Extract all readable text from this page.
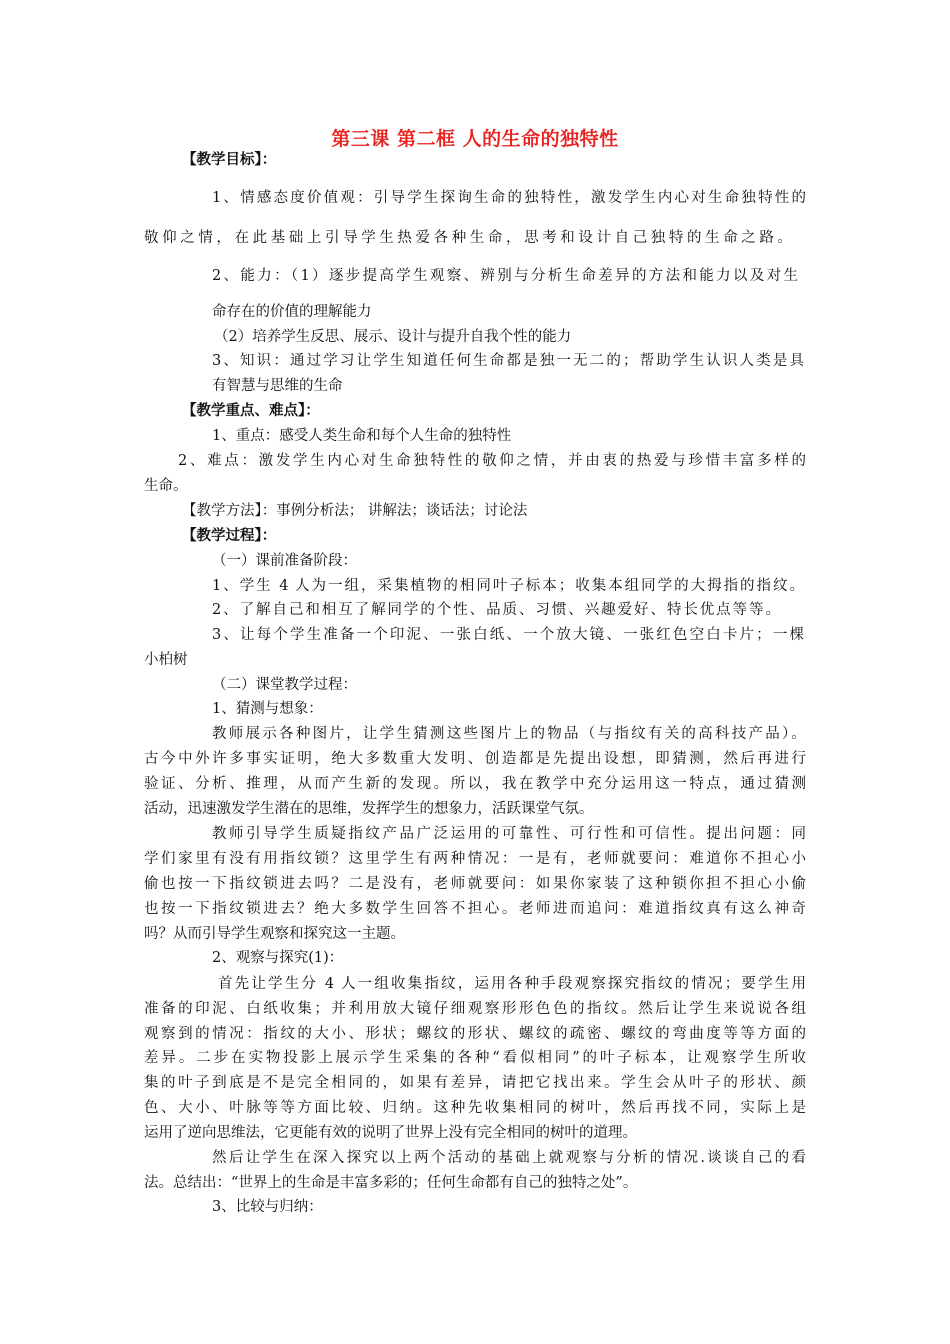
第三课 第二框 人的生命的独特性
【教学目标】：
1、情感态度价值观：引导学生探询生命的独特性，激发学生内心对生命独特性的
敬仰之情，在此基础上引导学生热爱各种生命，思考和设计自己独特的生命之路。
2、能力：（1）逐步提高学生观察、辨别与分析生命差异的方法和能力以及对生
命存在的价值的理解能力
（2）培养学生反思、展示、设计与提升自我个性的能力
3、知识：通过学习让学生知道任何生命都是独一无二的；帮助学生认识人类是具
有智慧与思维的生命
【教学重点、难点】：
1、重点：感受人类生命和每个人生命的独特性
2、难点：激发学生内心对生命独特性的敬仰之情，并由衷的热爱与珍惜丰富多样的
生命。
【教学方法】：事例分析法； 讲解法；谈话法；讨论法
【教学过程】：
（一）课前准备阶段：
1、学生 4 人为一组，采集植物的相同叶子标本；收集本组同学的大拇指的指纹。
2、了解自己和相互了解同学的个性、品质、习惯、兴趣爱好、特长优点等等。
3、让每个学生准备一个印泥、一张白纸、一个放大镜、一张红色空白卡片；一棵
小柏树
（二）课堂教学过程：
1、猜测与想象：
教师展示各种图片，让学生猜测这些图片上的物品（与指纹有关的高科技产品）。
古今中外许多事实证明，绝大多数重大发明、创造都是先提出设想，即猜测，然后再进行
验证、分析、推理，从而产生新的发现。所以，我在教学中充分运用这一特点，通过猜测
活动，迅速激发学生潜在的思维，发挥学生的想象力，活跃课堂气氛。
教师引导学生质疑指纹产品广泛运用的可靠性、可行性和可信性。提出问题：同
学们家里有没有用指纹锁？这里学生有两种情况：一是有，老师就要问：难道你不担心小
偷也按一下指纹锁进去吗？二是没有，老师就要问：如果你家装了这种锁你担不担心小偷
也按一下指纹锁进去？绝大多数学生回答不担心。老师进而追问：难道指纹真有这么神奇
吗？从而引导学生观察和探究这一主题。
2、观察与探究(1)：
首先让学生分 4 人一组收集指纹，运用各种手段观察探究指纹的情况；要学生用
准备的印泥、白纸收集；并利用放大镜仔细观察形形色色的指纹。然后让学生来说说各组
观察到的情况：指纹的大小、形状；螺纹的形状、螺纹的疏密、螺纹的弯曲度等等方面的
差异。二步在实物投影上展示学生采集的各种“看似相同”的叶子标本，让观察学生所收
集的叶子到底是不是完全相同的，如果有差异，请把它找出来。学生会从叶子的形状、颜
色、大小、叶脉等等方面比较、归纳。这种先收集相同的树叶，然后再找不同，实际上是
运用了逆向思维法，它更能有效的说明了世界上没有完全相同的树叶的道理。
然后让学生在深入探究以上两个活动的基础上就观察与分析的情况.谈谈自己的看
法。总结出：“世界上的生命是丰富多彩的；任何生命都有自己的独特之处”。
3、比较与归纳：
